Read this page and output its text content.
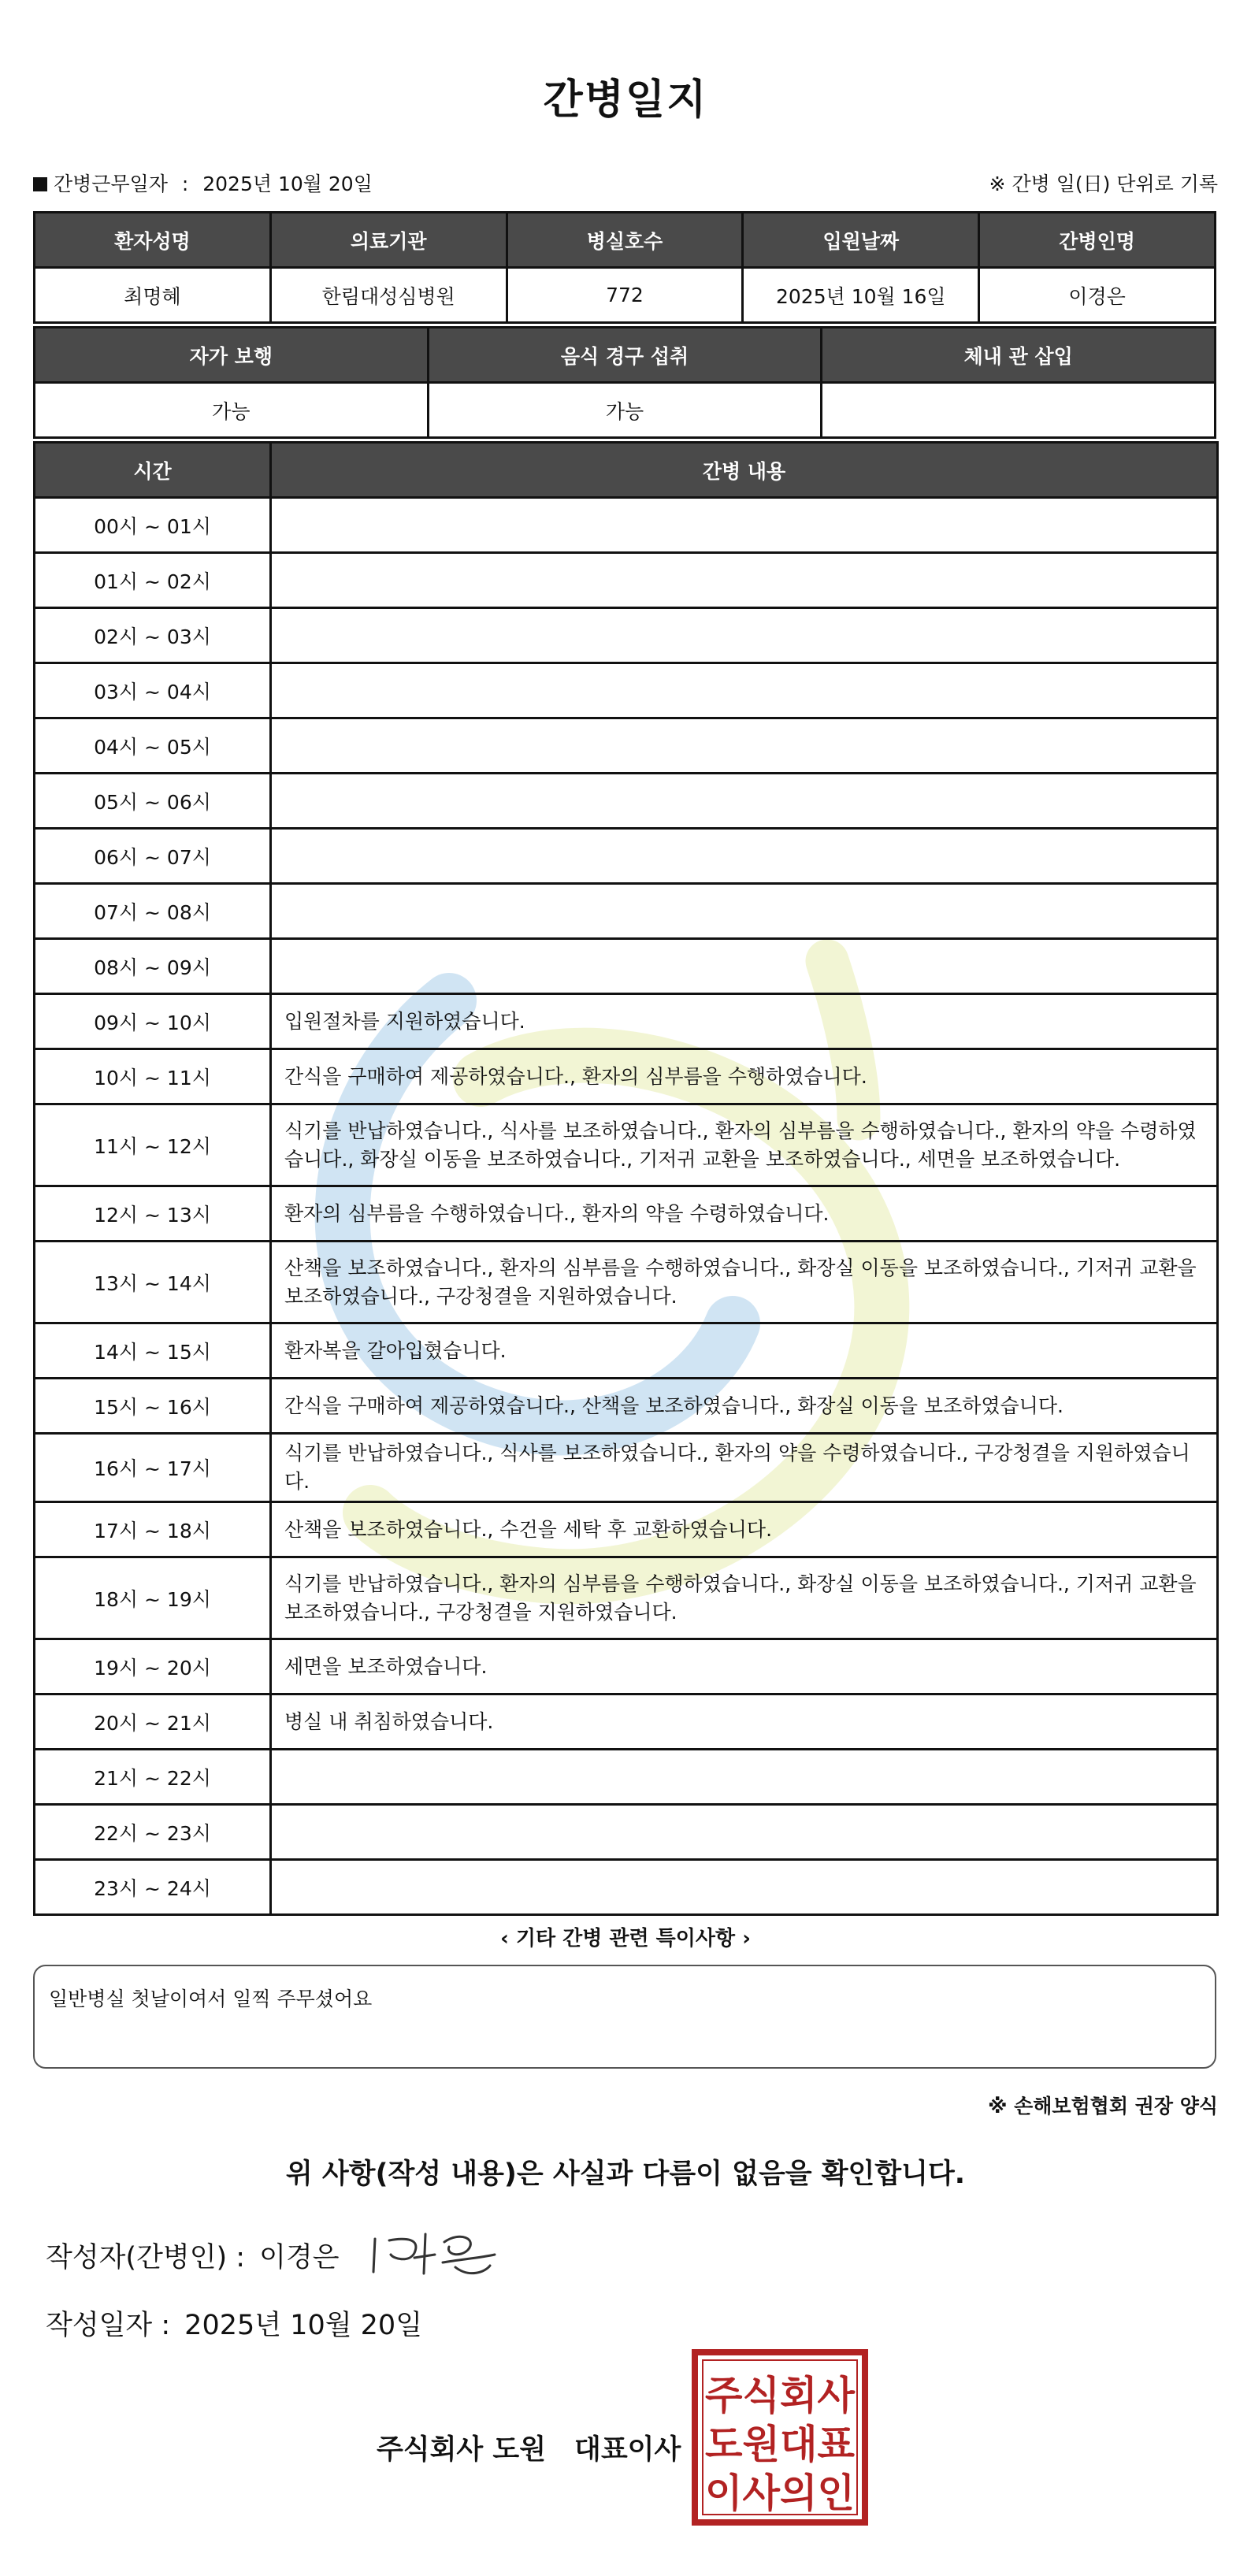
간병일지
간병근무일자 : 2025년 10월 20일	※ 간병 일(日) 단위로 기록
환자성명	의료기관	병실호수	입원날짜	간병인명
최명혜	한림대성심병원	772	2025년 10월 16일	이경은
자가 보행	음식 경구 섭취	체내 관 삽입
가능	가능	
시간	간병 내용
00시 ~ 01시	
01시 ~ 02시	
02시 ~ 03시	
03시 ~ 04시	
04시 ~ 05시	
05시 ~ 06시	
06시 ~ 07시	
07시 ~ 08시	
08시 ~ 09시	
09시 ~ 10시	입원절차를 지원하였습니다.
10시 ~ 11시	간식을 구매하여 제공하였습니다., 환자의 심부름을 수행하였습니다.
11시 ~ 12시	식기를 반납하였습니다., 식사를 보조하였습니다., 환자의 심부름을 수행하였습니다., 환자의 약을 수령하였습니다., 화장실 이동을 보조하였습니다., 기저귀 교환을 보조하였습니다., 세면을 보조하였습니다.
12시 ~ 13시	환자의 심부름을 수행하였습니다., 환자의 약을 수령하였습니다.
13시 ~ 14시	산책을 보조하였습니다., 환자의 심부름을 수행하였습니다., 화장실 이동을 보조하였습니다., 기저귀 교환을 보조하였습니다., 구강청결을 지원하였습니다.
14시 ~ 15시	환자복을 갈아입혔습니다.
15시 ~ 16시	간식을 구매하여 제공하였습니다., 산책을 보조하였습니다., 화장실 이동을 보조하였습니다.
16시 ~ 17시	식기를 반납하였습니다., 식사를 보조하였습니다., 환자의 약을 수령하였습니다., 구강청결을 지원하였습니다.
17시 ~ 18시	산책을 보조하였습니다., 수건을 세탁 후 교환하였습니다.
18시 ~ 19시	식기를 반납하였습니다., 환자의 심부름을 수행하였습니다., 화장실 이동을 보조하였습니다., 기저귀 교환을 보조하였습니다., 구강청결을 지원하였습니다.
19시 ~ 20시	세면을 보조하였습니다.
20시 ~ 21시	병실 내 취침하였습니다.
21시 ~ 22시	
22시 ~ 23시	
23시 ~ 24시	
‹ 기타 간병 관련 특이사항 ›
일반병실 첫날이여서 일찍 주무셨어요
※ 손해보험협회 권장 양식
위 사항(작성 내용)은 사실과 다름이 없음을 확인합니다.
작성자(간병인) : 이경은
작성일자 : 2025년 10월 20일
주식회사 도원 대표이사
주식회사
도원대표
이사의인
